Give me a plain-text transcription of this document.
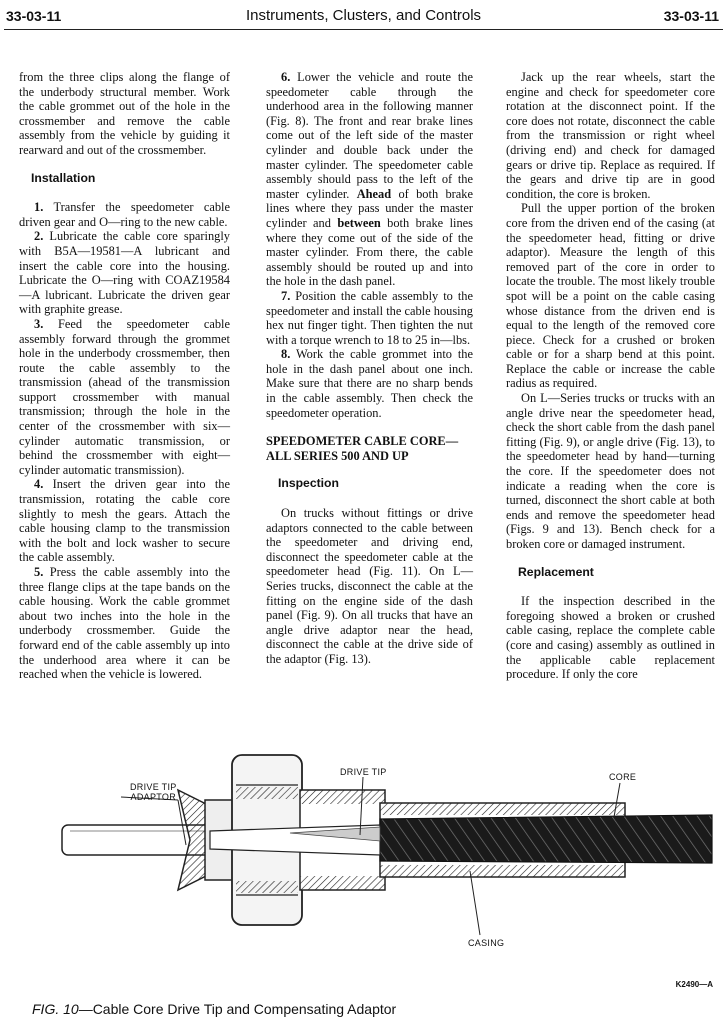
33-03-11	Instruments, Clusters, and Controls	33-03-11

from the three clips along the flange of the underbody structural member. Work the cable grommet out of the hole in the crossmember and remove the cable assembly from the vehicle by guiding it rearward and out of the crossmember.

Installation

1. Transfer the speedometer cable driven gear and O—ring to the new cable.

2. Lubricate the cable core sparingly with B5A—19581—A lubricant and insert the cable core into the housing. Lubricate the O—ring with COAZ19584—A lubricant. Lubricate the driven gear with graphite grease.

3. Feed the speedometer cable assembly forward through the grommet hole in the underbody crossmember, then route the cable assembly to the transmission (ahead of the transmission support crossmember with manual transmission; through the hole in the center of the crossmember with six—cylinder automatic transmission, or behind the crossmember with eight—cylinder automatic transmission).

4. Insert the driven gear into the transmission, rotating the cable core slightly to mesh the gears. Attach the cable housing clamp to the transmission with the bolt and lock washer to secure the cable assembly.

5. Press the cable assembly into the three flange clips at the tape bands on the cable housing. Work the cable grommet about two inches into the hole in the underbody crossmember. Guide the forward end of the cable assembly up into the underhood area where it can be reached when the vehicle is lowered.

6. Lower the vehicle and route the speedometer cable through the underhood area in the following manner (Fig. 8). The front and rear brake lines come out of the left side of the master cylinder and double back under the master cylinder. The speedometer cable assembly should pass to the left of the master cylinder. Ahead of both brake lines where they pass under the master cylinder and between both brake lines where they come out of the side of the master cylinder. From there, the cable assembly should be routed up and into the hole in the dash panel.

7. Position the cable assembly to the speedometer and install the cable housing hex nut finger tight. Then tighten the nut with a torque wrench to 18 to 25 in—lbs.

8. Work the cable grommet into the hole in the dash panel about one inch. Make sure that there are no sharp bends in the cable assembly. Then check the speedometer operation.

SPEEDOMETER CABLE CORE—ALL SERIES 500 AND UP
Inspection

On trucks without fittings or drive adaptors connected to the cable between the speedometer and driving end, disconnect the speedometer cable at the speedometer head (Fig. 11). On L—Series trucks, disconnect the cable at the fitting on the engine side of the dash panel (Fig. 9). On all trucks that have an angle drive adaptor near the head, disconnect the cable at the drive side of the adaptor (Fig. 13).

Jack up the rear wheels, start the engine and check for speedometer core rotation at the disconnect point. If the core does not rotate, disconnect the cable from the transmission or right wheel (driving end) and check for damaged gears or drive tip. Replace as required. If the gears and drive tip are in good condition, the core is broken.

Pull the upper portion of the broken core from the driven end of the casing (at the speedometer head, fitting or drive adaptor). Measure the length of this removed part of the core in order to locate the trouble. The most likely trouble spot will be a point on the cable casing whose distance from the driven end is equal to the length of the removed core piece. Check for a crushed or broken cable or for a sharp bend at this point. Replace the cable or increase the cable radius as required.

On L—Series trucks or trucks with an angle drive near the speedometer head, check the short cable from the dash panel fitting (Fig. 9), or angle drive (Fig. 13), to the speedometer head by hand—turning the core. If the speedometer does not indicate a reading when the core is turned, disconnect the short cable at both ends and remove the speedometer head (Figs. 9 and 13). Bench check for a broken core or damaged instrument.

Replacement

If the inspection described in the foregoing showed a broken or crushed cable casing, replace the complete cable (core and casing) assembly as outlined in the applicable cable replacement procedure. If only the core

DRIVE TIP
ADAPTOR
DRIVE TIP	CORE
CASING
K2490—A
FIG. 10—Cable Core Drive Tip and Compensating Adaptor
